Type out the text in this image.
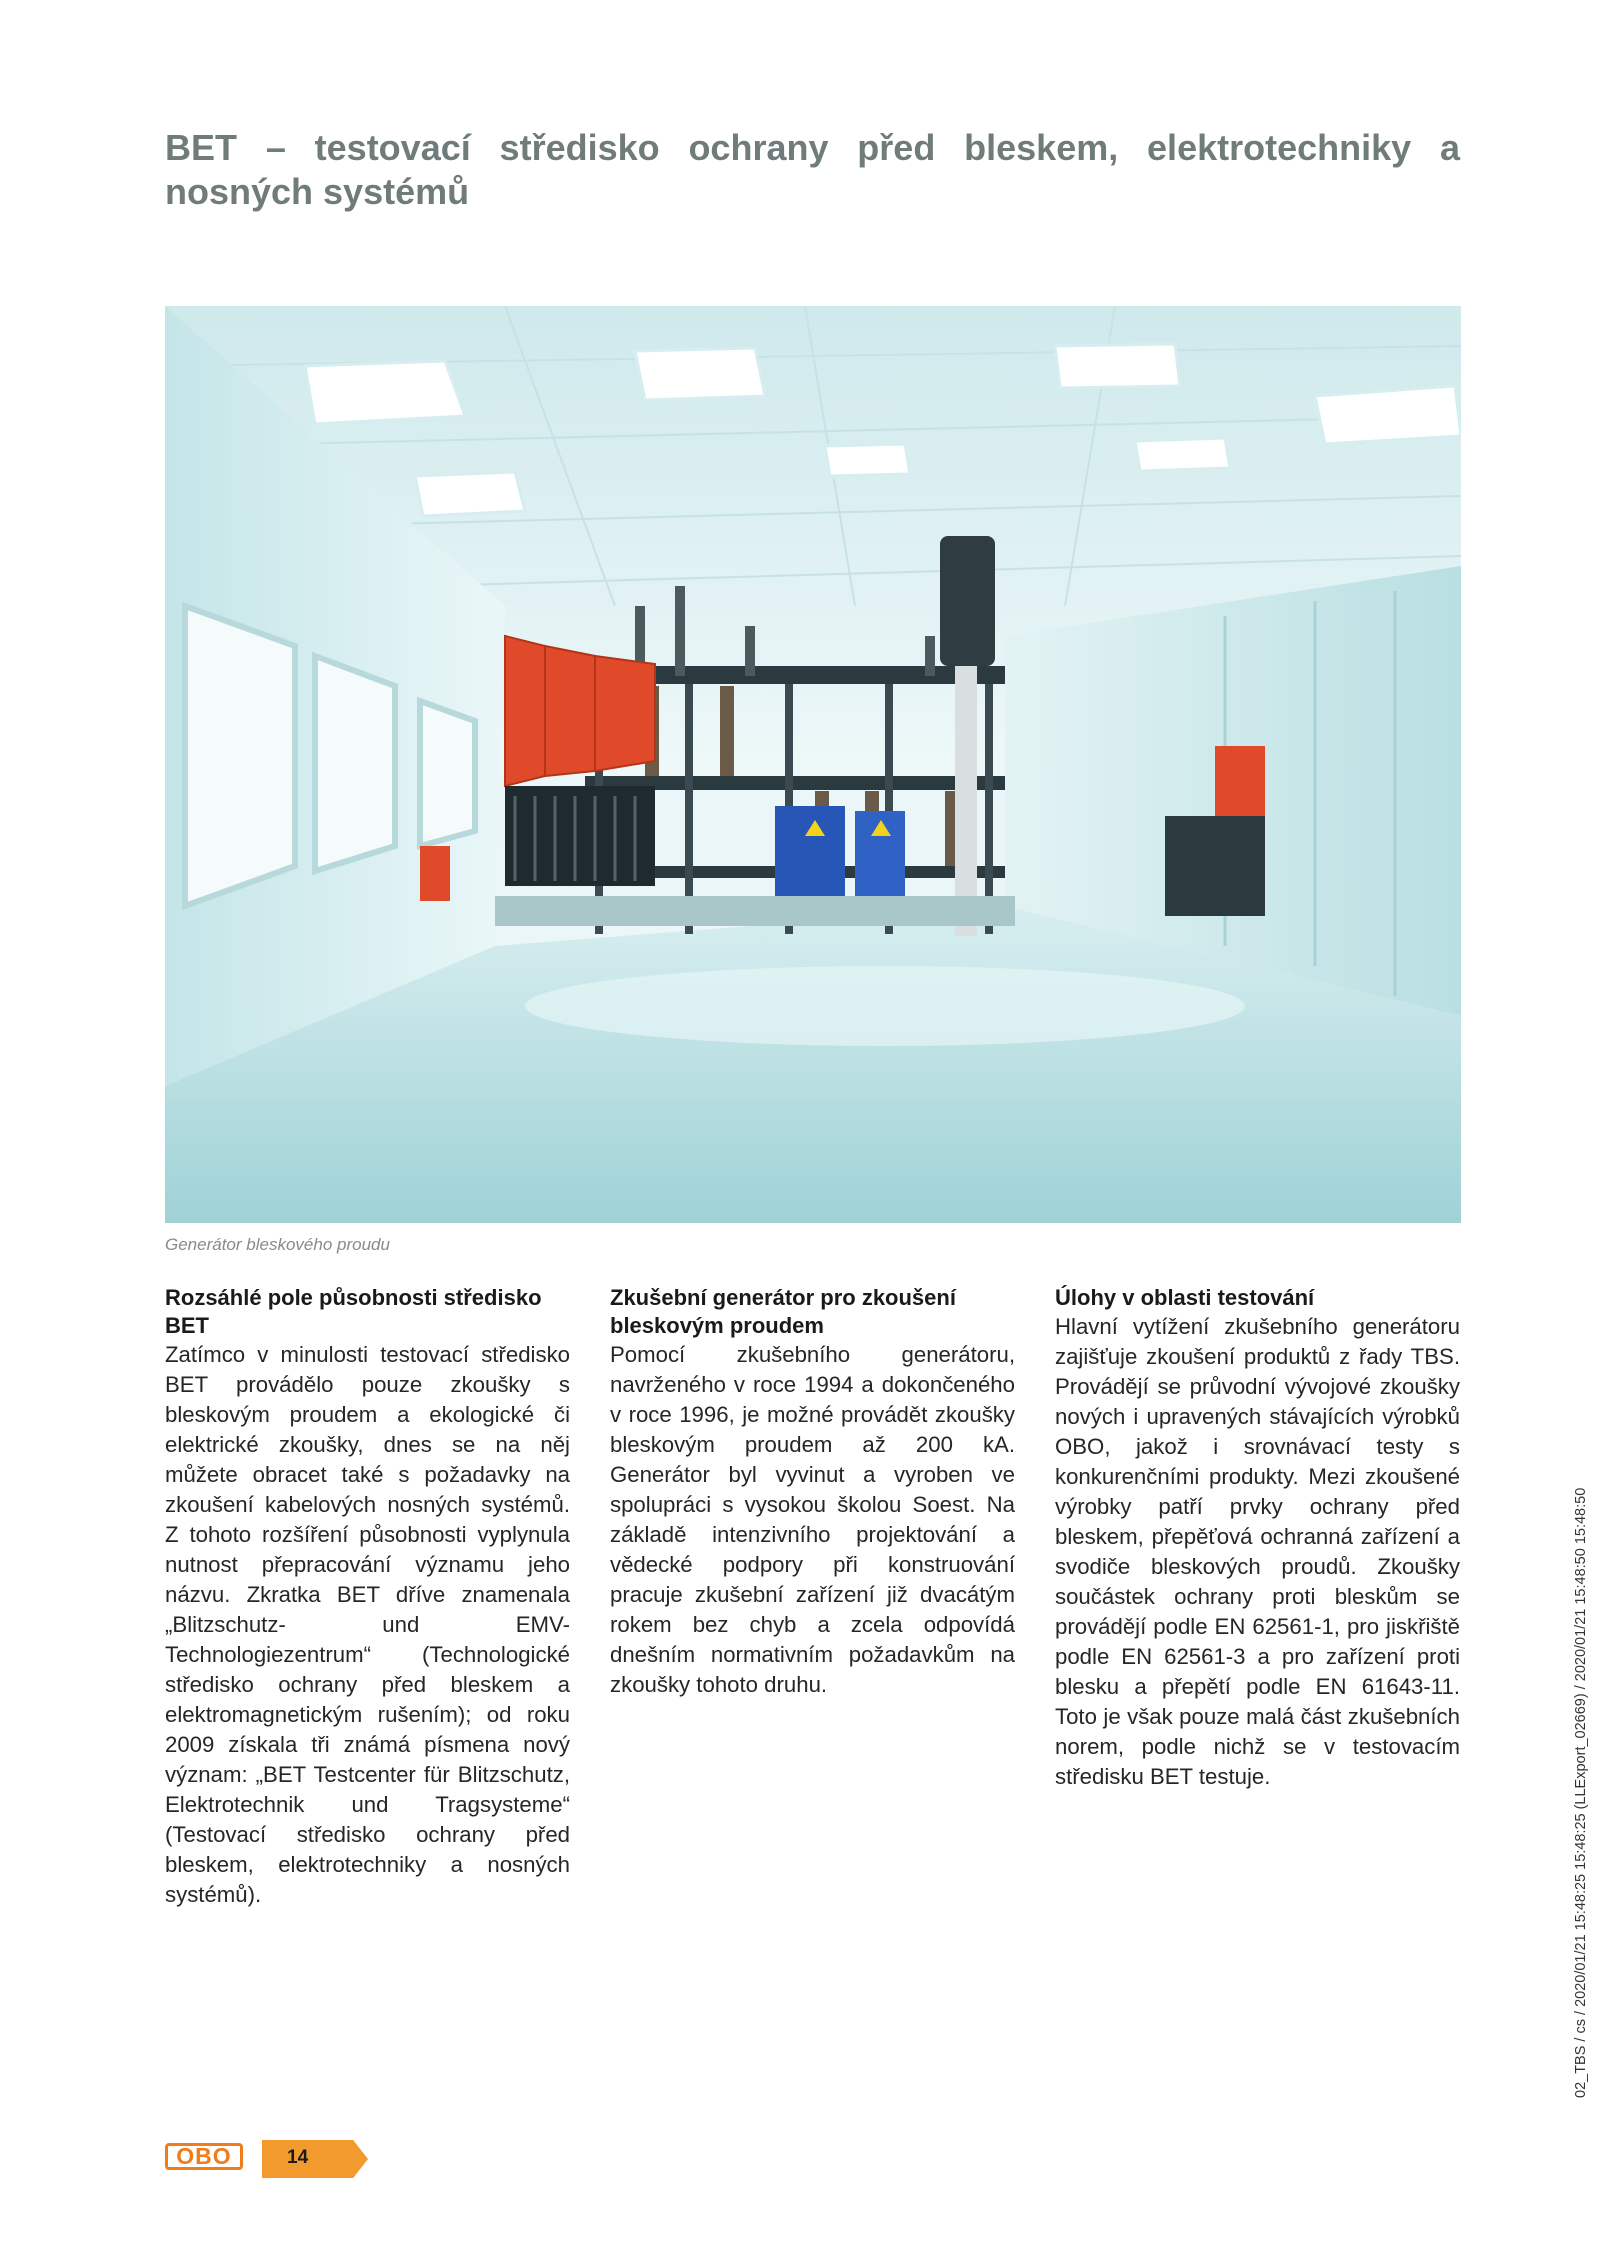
BET – testovací středisko ochrany před bleskem, elektrotechniky a nosných systémů
Generátor bleskového proudu
Rozsáhlé pole působnosti středisko BET

Zatímco v minulosti testovací středisko BET provádělo pouze zkoušky s bleskovým proudem a ekologické či elektrické zkoušky, dnes se na něj můžete obracet také s požadavky na zkoušení kabelových nosných systémů. Z tohoto rozšíření působnosti vyplynula nutnost přepracování významu jeho názvu. Zkratka BET dříve znamenala „Blitzschutz- und EMV-Technologiezentrum“ (Technologické středisko ochrany před bleskem a elektromagnetickým rušením); od roku 2009 získala tři známá písmena nový význam: „BET Testcenter für Blitzschutz, Elektrotechnik und Tragsysteme“ (Testovací středisko ochrany před bleskem, elektrotechniky a nosných systémů).

Zkušební generátor pro zkoušení bleskovým proudem

Pomocí zkušebního generátoru, navrženého v roce 1994 a dokončeného v roce 1996, je možné provádět zkoušky bleskovým proudem až 200 kA. Generátor byl vyvinut a vyroben ve spolupráci s vysokou školou Soest. Na základě intenzivního projektování a vědecké podpory při konstruování pracuje zkušební zařízení již dvacátým rokem bez chyb a zcela odpovídá dnešním normativním požadavkům na zkoušky tohoto druhu.

Úlohy v oblasti testování

Hlavní vytížení zkušebního generátoru zajišťuje zkoušení produktů z řady TBS. Provádějí se průvodní vývojové zkoušky nových i upravených stávajících výrobků OBO, jakož i srovnávací testy s konkurenčními produkty. Mezi zkoušené výrobky patří prvky ochrany před bleskem, přepěťová ochranná zařízení a svodiče bleskových proudů. Zkoušky součástek ochrany proti bleskům se provádějí podle EN 62561-1, pro jiskřiště podle EN 62561-3 a pro zařízení proti blesku a přepětí podle EN 61643-11. Toto je však pouze malá část zkušebních norem, podle nichž se v testovacím středisku BET testuje.	02_TBS / cs / 2020/01/21 15:48:25 15:48:25 (LLExport_02669) / 2020/01/21 15:48:50 15:48:50
OBO	14
